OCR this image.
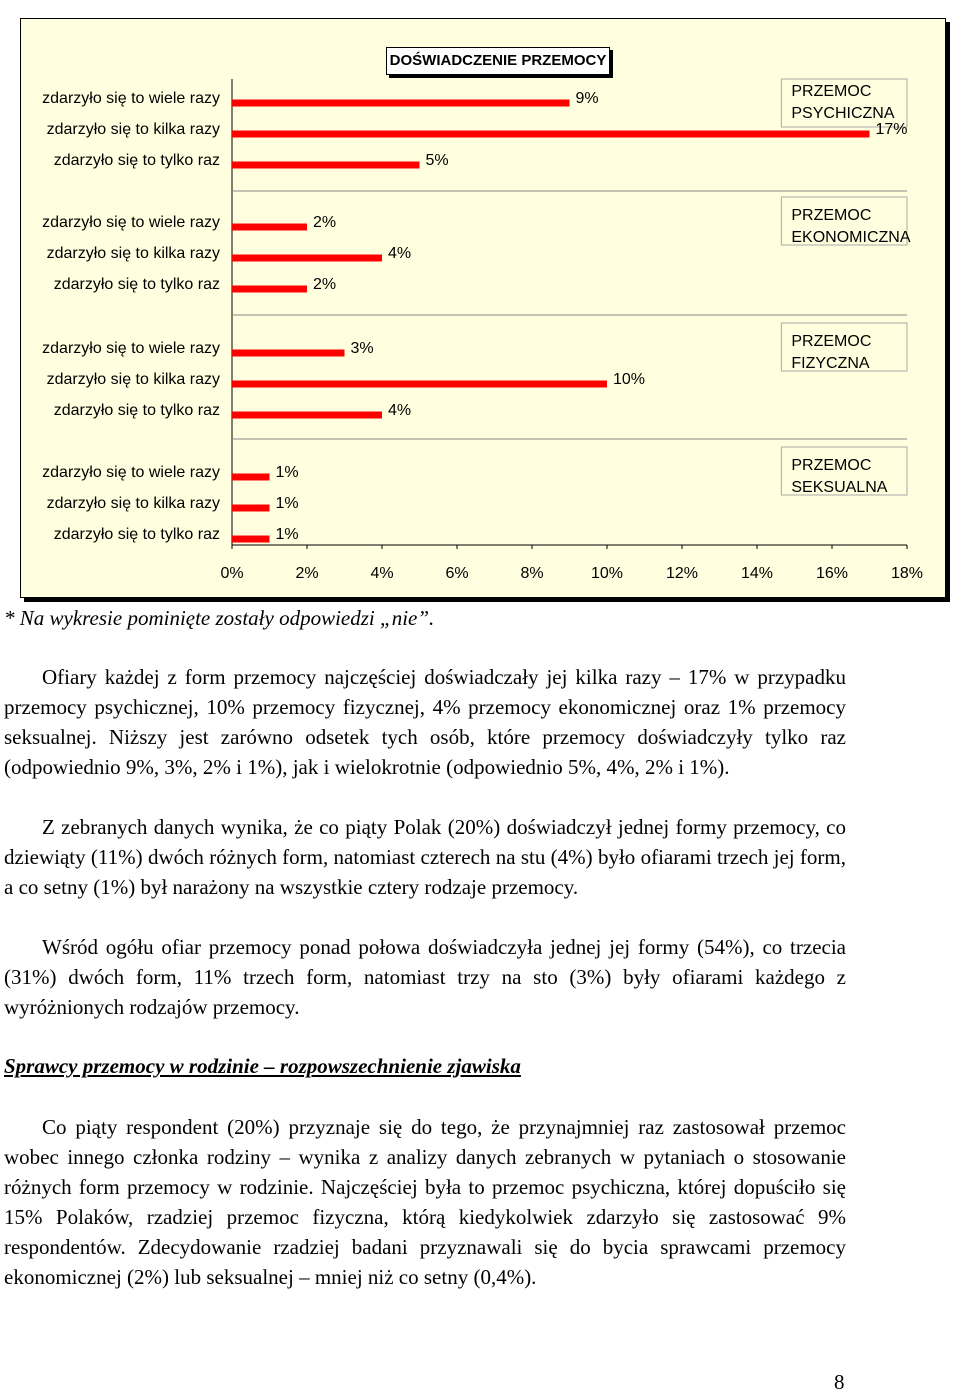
0%	2%	4%	6%	8%	10%	12%	14%	16%	18%
PRZEMOC
PSYCHICZNA
zdarzyło się to wiele razy	9%
zdarzyło się to kilka razy	17%
zdarzyło się to tylko raz	5%
PRZEMOC
EKONOMICZNA
zdarzyło się to wiele razy	2%
zdarzyło się to kilka razy	4%
zdarzyło się to tylko raz	2%
PRZEMOC
FIZYCZNA
zdarzyło się to wiele razy	3%
zdarzyło się to kilka razy	10%
zdarzyło się to tylko raz	4%
PRZEMOC
SEKSUALNA
zdarzyło się to wiele razy	1%
zdarzyło się to kilka razy	1%
zdarzyło się to tylko raz	1%
DOŚWIADCZENIE PRZEMOCY
* Na wykresie pominięte zostały odpowiedzi „nie”.

Ofiary każdej z form przemocy najczęściej doświadczały jej kilka razy – 17% w przypadku przemocy psychicznej, 10% przemocy fizycznej, 4% przemocy ekonomicznej oraz 1% przemocy seksualnej. Niższy jest zarówno odsetek tych osób, które przemocy doświadczyły tylko raz (odpowiednio 9%, 3%, 2% i 1%), jak i wielokrotnie (odpowiednio 5%, 4%, 2% i 1%).

Z zebranych danych wynika, że co piąty Polak (20%) doświadczył jednej formy przemocy, co dziewiąty (11%) dwóch różnych form, natomiast czterech na stu (4%) było ofiarami trzech jej form, a co setny (1%) był narażony na wszystkie cztery rodzaje przemocy.

Wśród ogółu ofiar przemocy ponad połowa doświadczyła jednej jej formy (54%), co trzecia (31%) dwóch form, 11% trzech form, natomiast trzy na sto (3%) były ofiarami każdego z wyróżnionych rodzajów przemocy.

Sprawcy przemocy w rodzinie – rozpowszechnienie zjawiska

Co piąty respondent (20%) przyznaje się do tego, że przynajmniej raz zastosował przemoc wobec innego członka rodziny – wynika z analizy danych zebranych w pytaniach o stosowanie różnych form przemocy w rodzinie. Najczęściej była to przemoc psychiczna, której dopuściło się 15% Polaków, rzadziej przemoc fizyczna, którą kiedykolwiek zdarzyło się zastosować 9% respondentów. Zdecydowanie rzadziej badani przyznawali się do bycia sprawcami przemocy ekonomicznej (2%) lub seksualnej – mniej niż co setny (0,4%).

8
